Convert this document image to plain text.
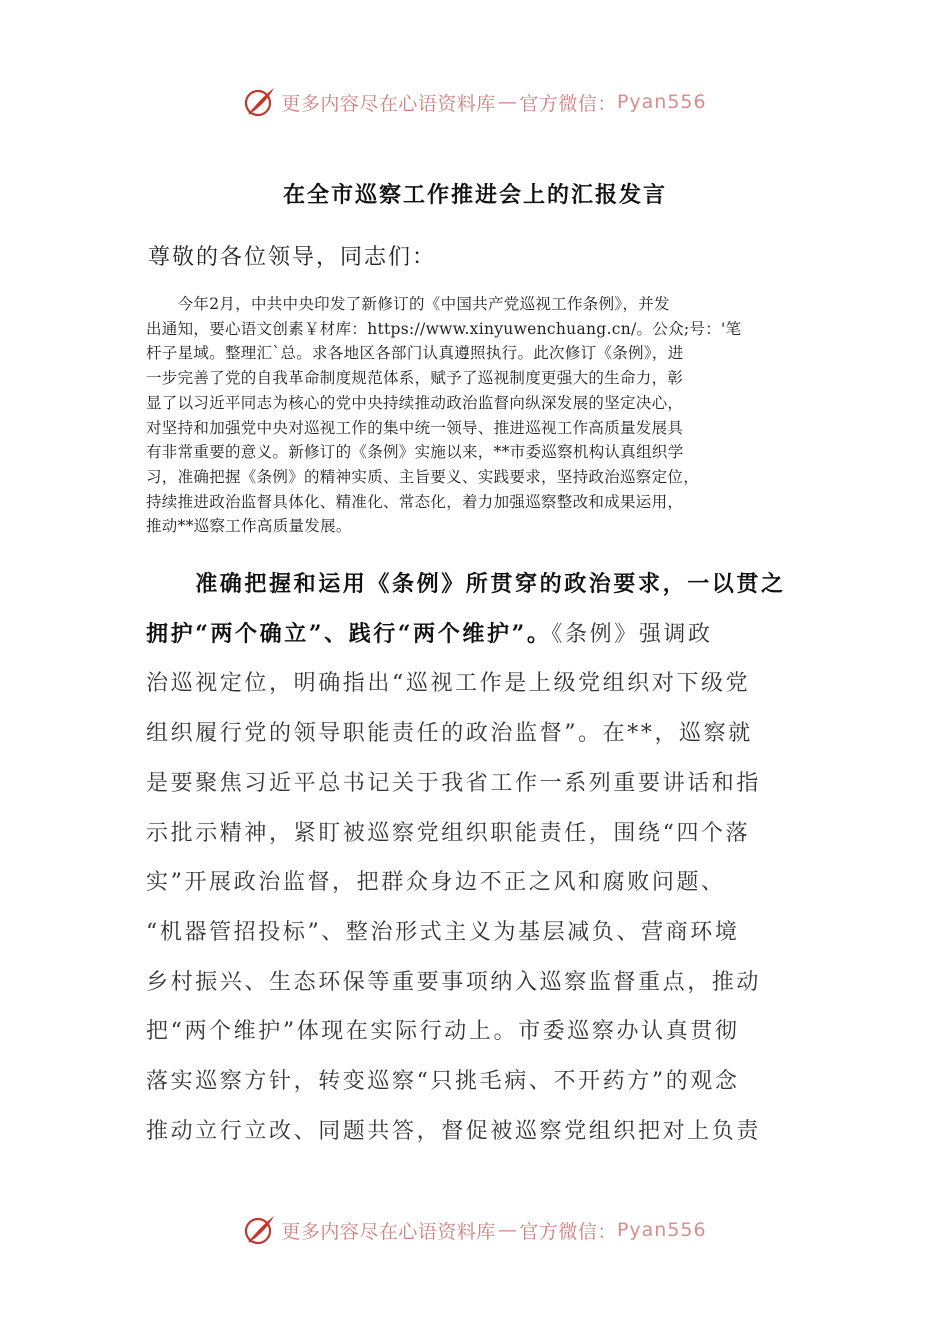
更多内容尽在心语资料库 — 官方微信： Pyan556
在全市巡察工作推进会上的汇报发言
尊敬的各位领导，同志们：
　　今年2月，中共中央印发了新修订的《中国共产党巡视工作条例》，并发
出通知，要心语文创素￥材库：https://www.xinyuwenchuang.cn/。公众;号：'笔
杆子星域。整理汇`总。求各地区各部门认真遵照执行。此次修订《条例》，进
一步完善了党的自我革命制度规范体系，赋予了巡视制度更强大的生命力，彰
显了以习近平同志为核心的党中央持续推动政治监督向纵深发展的坚定决心，
对坚持和加强党中央对巡视工作的集中统一领导、推进巡视工作高质量发展具
有非常重要的意义。新修订的《条例》实施以来，**市委巡察机构认真组织学
习，准确把握《条例》的精神实质、主旨要义、实践要求，坚持政治巡察定位，
持续推进政治监督具体化、精准化、常态化，着力加强巡察整改和成果运用，
推动**巡察工作高质量发展。
　　准确把握和运用《条例》所贯穿的政治要求，一以贯之
拥护“两个确立”、践行“两个维护”。《条例》强调政
治巡视定位，明确指出“巡视工作是上级党组织对下级党
组织履行党的领导职能责任的政治监督”。在**，巡察就
是要聚焦习近平总书记关于我省工作一系列重要讲话和指
示批示精神，紧盯被巡察党组织职能责任，围绕“四个落
实”开展政治监督，把群众身边不正之风和腐败问题、
“机器管招投标”、整治形式主义为基层减负、营商环境
乡村振兴、生态环保等重要事项纳入巡察监督重点，推动
把“两个维护”体现在实际行动上。市委巡察办认真贯彻
落实巡察方针，转变巡察“只挑毛病、不开药方”的观念
推动立行立改、同题共答，督促被巡察党组织把对上负责
更多内容尽在心语资料库 — 官方微信： Pyan556
